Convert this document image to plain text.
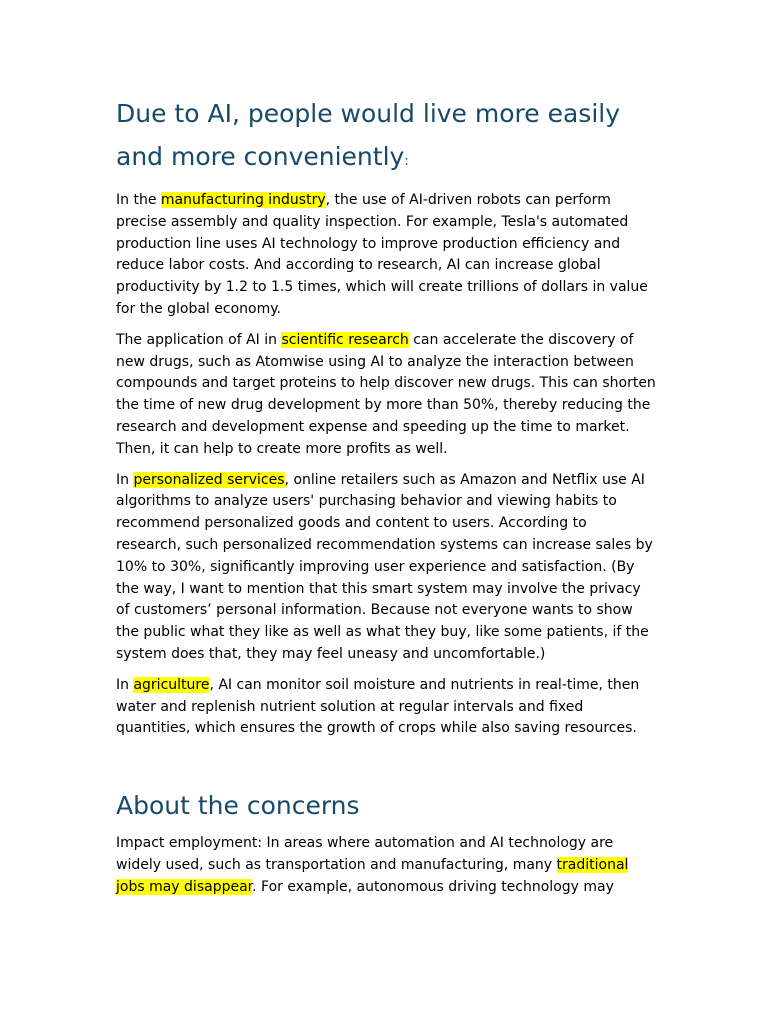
Due to AI, people would live more easily and more conveniently:

In the manufacturing industry, the use of AI-driven robots can perform precise assembly and quality inspection. For example, Tesla's automated production line uses AI technology to improve production efficiency and reduce labor costs. And according to research, AI can increase global productivity by 1.2 to 1.5 times, which will create trillions of dollars in value for the global economy.

The application of AI in scientific research can accelerate the discovery of new drugs, such as Atomwise using AI to analyze the interaction between compounds and target proteins to help discover new drugs. This can shorten the time of new drug development by more than 50%, thereby reducing the research and development expense and speeding up the time to market. Then, it can help to create more profits as well.

In personalized services, online retailers such as Amazon and Netflix use AI algorithms to analyze users' purchasing behavior and viewing habits to recommend personalized goods and content to users. According to research, such personalized recommendation systems can increase sales by 10% to 30%, significantly improving user experience and satisfaction. (By the way, I want to mention that this smart system may involve the privacy of customers’ personal information. Because not everyone wants to show the public what they like as well as what they buy, like some patients, if the system does that, they may feel uneasy and uncomfortable.)

In agriculture, AI can monitor soil moisture and nutrients in real-time, then water and replenish nutrient solution at regular intervals and fixed quantities, which ensures the growth of crops while also saving resources.

About the concerns

Impact employment: In areas where automation and AI technology are widely used, such as transportation and manufacturing, many traditional jobs may disappear. For example, autonomous driving technology may
